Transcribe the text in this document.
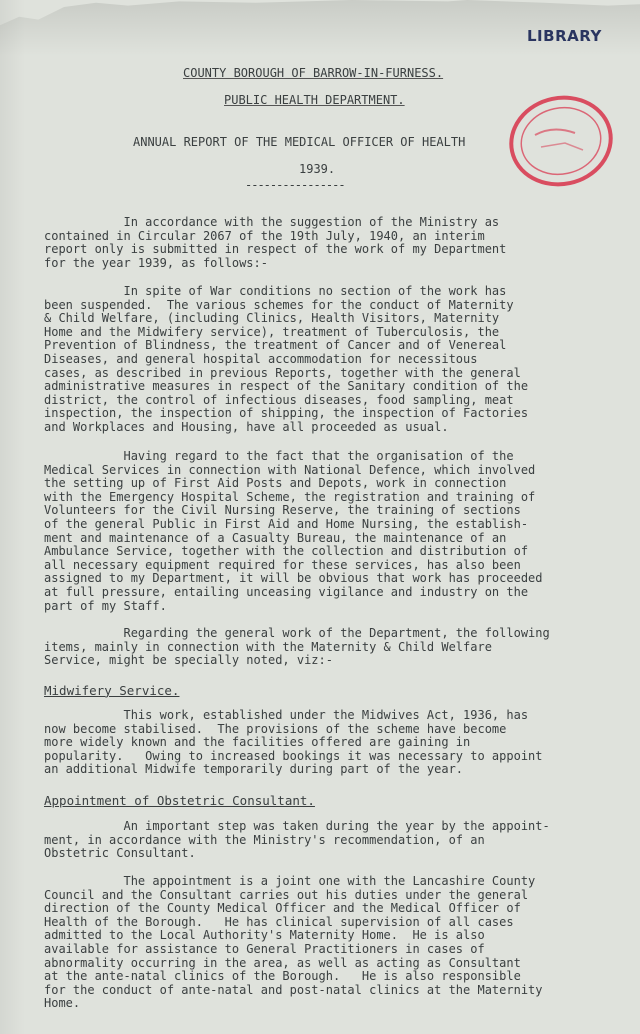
LIBRARY
COUNTY BOROUGH OF BARROW-IN-FURNESS.
PUBLIC HEALTH DEPARTMENT.
ANNUAL REPORT OF THE MEDICAL OFFICER OF HEALTH
1939.
----------------
In accordance with the suggestion of the Ministry as
contained in Circular 2067 of the 19th July, 1940, an interim
report only is submitted in respect of the work of my Department
for the year 1939, as follows:-
In spite of War conditions no section of the work has
been suspended.  The various schemes for the conduct of Maternity
& Child Welfare, (including Clinics, Health Visitors, Maternity
Home and the Midwifery service), treatment of Tuberculosis, the
Prevention of Blindness, the treatment of Cancer and of Venereal
Diseases, and general hospital accommodation for necessitous
cases, as described in previous Reports, together with the general
administrative measures in respect of the Sanitary condition of the
district, the control of infectious diseases, food sampling, meat
inspection, the inspection of shipping, the inspection of Factories
and Workplaces and Housing, have all proceeded as usual.
Having regard to the fact that the organisation of the
Medical Services in connection with National Defence, which involved
the setting up of First Aid Posts and Depots, work in connection
with the Emergency Hospital Scheme, the registration and training of
Volunteers for the Civil Nursing Reserve, the training of sections
of the general Public in First Aid and Home Nursing, the establish-
ment and maintenance of a Casualty Bureau, the maintenance of an
Ambulance Service, together with the collection and distribution of
all necessary equipment required for these services, has also been
assigned to my Department, it will be obvious that work has proceeded
at full pressure, entailing unceasing vigilance and industry on the
part of my Staff.
Regarding the general work of the Department, the following
items, mainly in connection with the Maternity & Child Welfare
Service, might be specially noted, viz:-
Midwifery Service.
This work, established under the Midwives Act, 1936, has
now become stabilised.  The provisions of the scheme have become
more widely known and the facilities offered are gaining in
popularity.   Owing to increased bookings it was necessary to appoint
an additional Midwife temporarily during part of the year.
Appointment of Obstetric Consultant.
An important step was taken during the year by the appoint-
ment, in accordance with the Ministry's recommendation, of an
Obstetric Consultant.
The appointment is a joint one with the Lancashire County
Council and the Consultant carries out his duties under the general
direction of the County Medical Officer and the Medical Officer of
Health of the Borough.   He has clinical supervision of all cases
admitted to the Local Authority's Maternity Home.  He is also
available for assistance to General Practitioners in cases of
abnormality occurring in the area, as well as acting as Consultant
at the ante-natal clinics of the Borough.   He is also responsible
for the conduct of ante-natal and post-natal clinics at the Maternity
Home.
